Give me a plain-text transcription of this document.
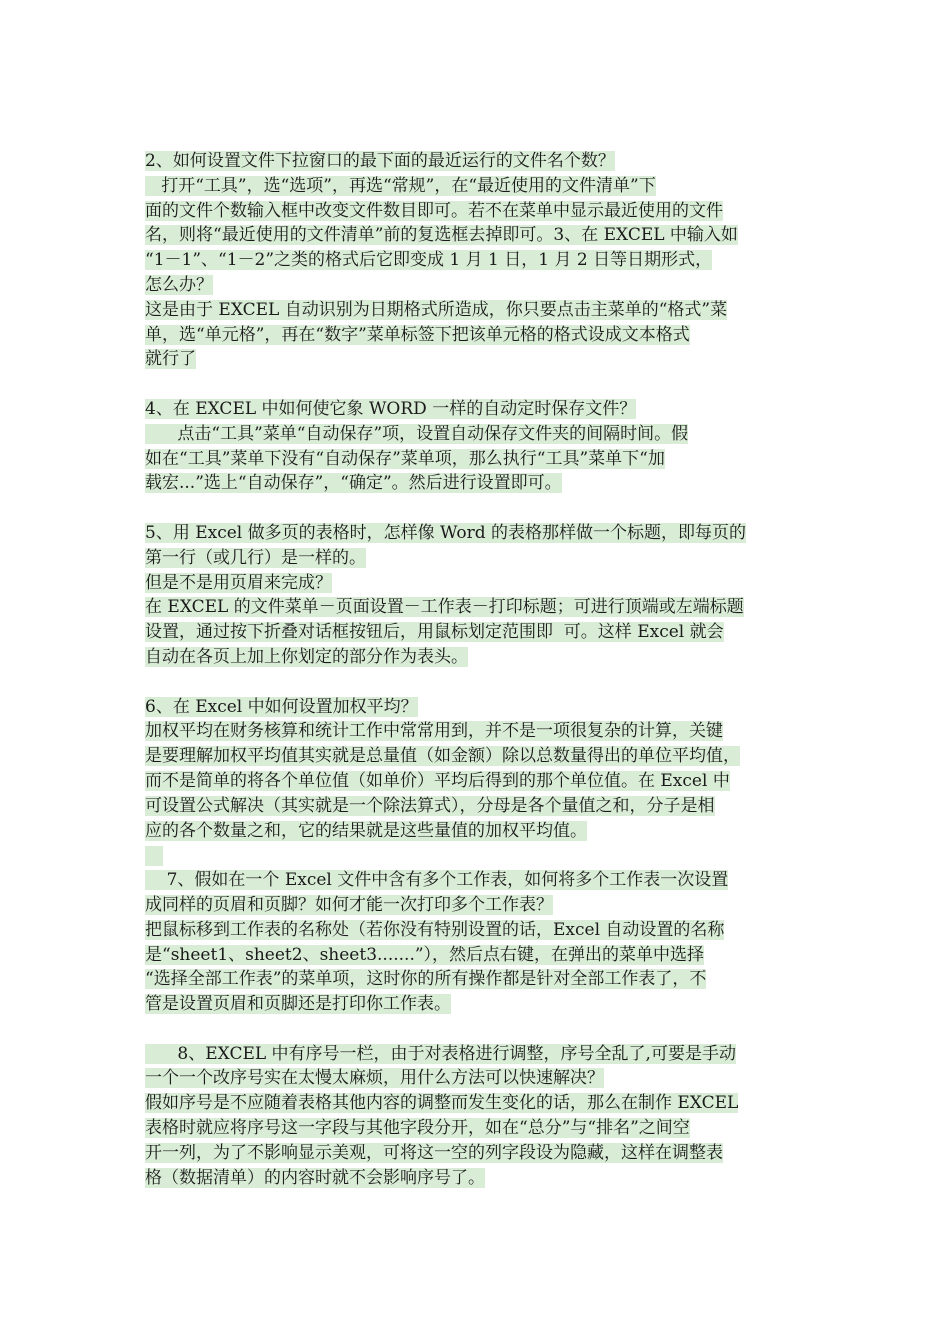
2、如何设置文件下拉窗口的最下面的最近运行的文件名个数？
打开“工具”，选“选项”，再选“常规”，在“最近使用的文件清单”下
面的文件个数输入框中改变文件数目即可。若不在菜单中显示最近使用的文件
名，则将“最近使用的文件清单”前的复选框去掉即可。3、在 EXCEL 中输入如
“1－1”、“1－2”之类的格式后它即变成 1 月 1 日，1 月 2 日等日期形式，
怎么办？
这是由于 EXCEL 自动识别为日期格式所造成，你只要点击主菜单的“格式”菜
单，选“单元格”，再在“数字”菜单标签下把该单元格的格式设成文本格式
就行了
4、在 EXCEL 中如何使它象 WORD 一样的自动定时保存文件？
点击“工具”菜单“自动保存”项，设置自动保存文件夹的间隔时间。假
如在“工具”菜单下没有“自动保存”菜单项，那么执行“工具”菜单下“加
载宏...”选上“自动保存”，“确定”。然后进行设置即可。
5、用 Excel 做多页的表格时，怎样像 Word 的表格那样做一个标题，即每页的
第一行（或几行）是一样的。
但是不是用页眉来完成？
在 EXCEL 的文件菜单－页面设置－工作表－打印标题；可进行顶端或左端标题
设置，通过按下折叠对话框按钮后，用鼠标划定范围即  可。这样 Excel 就会
自动在各页上加上你划定的部分作为表头。
6、在 Excel 中如何设置加权平均？
加权平均在财务核算和统计工作中常常用到，并不是一项很复杂的计算，关键
是要理解加权平均值其实就是总量值（如金额）除以总数量得出的单位平均值，
而不是简单的将各个单位值（如单价）平均后得到的那个单位值。在 Excel 中
可设置公式解决（其实就是一个除法算式），分母是各个量值之和，分子是相
应的各个数量之和，它的结果就是这些量值的加权平均值。
7、假如在一个 Excel 文件中含有多个工作表，如何将多个工作表一次设置
成同样的页眉和页脚？如何才能一次打印多个工作表？
把鼠标移到工作表的名称处（若你没有特别设置的话，Excel 自动设置的名称
是“sheet1、sheet2、sheet3.......”），然后点右键，在弹出的菜单中选择
“选择全部工作表”的菜单项，这时你的所有操作都是针对全部工作表了，不
管是设置页眉和页脚还是打印你工作表。
8、EXCEL 中有序号一栏，由于对表格进行调整，序号全乱了,可要是手动
一个一个改序号实在太慢太麻烦，用什么方法可以快速解决？
假如序号是不应随着表格其他内容的调整而发生变化的话，那么在制作 EXCEL
表格时就应将序号这一字段与其他字段分开，如在“总分”与“排名”之间空
开一列，为了不影响显示美观，可将这一空的列字段设为隐藏，这样在调整表
格（数据清单）的内容时就不会影响序号了。
